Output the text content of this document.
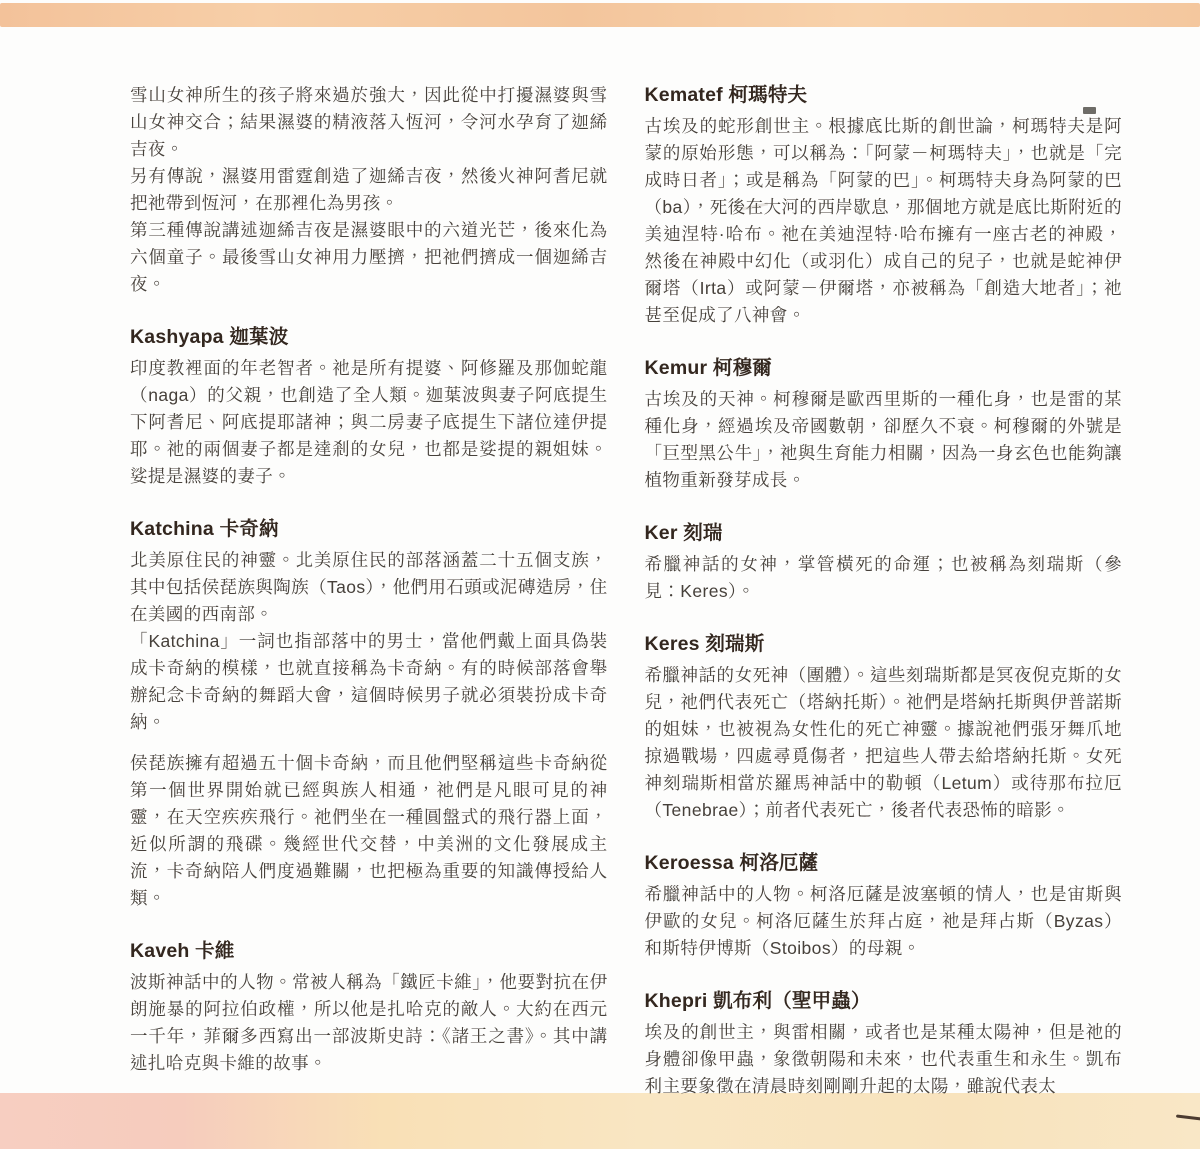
雪山女神所生的孩子將來過於強大，因此從中打擾濕婆與雪山女神交合；結果濕婆的精液落入恆河，令河水孕育了迦絺吉夜。

另有傳說，濕婆用雷霆創造了迦絺吉夜，然後火神阿耆尼就把祂帶到恆河，在那裡化為男孩。

第三種傳說講述迦絺吉夜是濕婆眼中的六道光芒，後來化為六個童子。最後雪山女神用力壓擠，把祂們擠成一個迦絺吉夜。

Kashyapa 迦葉波

印度教裡面的年老智者。祂是所有提婆、阿修羅及那伽蛇龍（naga）的父親，也創造了全人類。迦葉波與妻子阿底提生下阿耆尼、阿底提耶諸神；與二房妻子底提生下諸位達伊提耶。祂的兩個妻子都是達剎的女兒，也都是娑提的親姐妹。娑提是濕婆的妻子。

Katchina 卡奇納

北美原住民的神靈。北美原住民的部落涵蓋二十五個支族，其中包括侯琵族與陶族（Taos），他們用石頭或泥磚造房，住在美國的西南部。

「Katchina」一詞也指部落中的男士，當他們戴上面具偽裝成卡奇納的模樣，也就直接稱為卡奇納。有的時候部落會舉辦紀念卡奇納的舞蹈大會，這個時候男子就必須裝扮成卡奇納。

侯琵族擁有超過五十個卡奇納，而且他們堅稱這些卡奇納從第一個世界開始就已經與族人相通，祂們是凡眼可見的神靈，在天空疾疾飛行。祂們坐在一種圓盤式的飛行器上面，近似所謂的飛碟。幾經世代交替，中美洲的文化發展成主流，卡奇納陪人們度過難關，也把極為重要的知識傳授給人類。

Kaveh 卡維

波斯神話中的人物。常被人稱為「鐵匠卡維」，他要對抗在伊朗施暴的阿拉伯政權，所以他是扎哈克的敵人。大約在西元一千年，菲爾多西寫出一部波斯史詩：《諸王之書》。其中講述扎哈克與卡維的故事。

Kematef 柯瑪特夫

古埃及的蛇形創世主。根據底比斯的創世論，柯瑪特夫是阿蒙的原始形態，可以稱為：「阿蒙－柯瑪特夫」，也就是「完成時日者」；或是稱為「阿蒙的巴」。柯瑪特夫身為阿蒙的巴（ba），死後在大河的西岸歇息，那個地方就是底比斯附近的美迪涅特·哈布。祂在美迪涅特·哈布擁有一座古老的神殿，然後在神殿中幻化（或羽化）成自己的兒子，也就是蛇神伊爾塔（Irta）或阿蒙－伊爾塔，亦被稱為「創造大地者」；祂甚至促成了八神會。

Kemur 柯穆爾

古埃及的天神。柯穆爾是歐西里斯的一種化身，也是雷的某種化身，經過埃及帝國數朝，卻歷久不衰。柯穆爾的外號是「巨型黑公牛」，祂與生育能力相關，因為一身玄色也能夠讓植物重新發芽成長。

Ker 刻瑞

希臘神話的女神，掌管橫死的命運；也被稱為刻瑞斯（參見：Keres）。

Keres 刻瑞斯

希臘神話的女死神（團體）。這些刻瑞斯都是冥夜倪克斯的女兒，祂們代表死亡（塔納托斯）。祂們是塔納托斯與伊普諾斯的姐妹，也被視為女性化的死亡神靈。據說祂們張牙舞爪地掠過戰場，四處尋覓傷者，把這些人帶去給塔納托斯。女死神刻瑞斯相當於羅馬神話中的勒頓（Letum）或待那布拉厄（Tenebrae）；前者代表死亡，後者代表恐怖的暗影。

Keroessa 柯洛厄薩

希臘神話中的人物。柯洛厄薩是波塞頓的情人，也是宙斯與伊歐的女兒。柯洛厄薩生於拜占庭，祂是拜占斯（Byzas）和斯特伊博斯（Stoibos）的母親。

Khepri 凱布利（聖甲蟲）

埃及的創世主，與雷相關，或者也是某種太陽神，但是祂的身體卻像甲蟲，象徵朝陽和未來，也代表重生和永生。凱布利主要象徵在清晨時刻剛剛升起的太陽，雖說代表太
